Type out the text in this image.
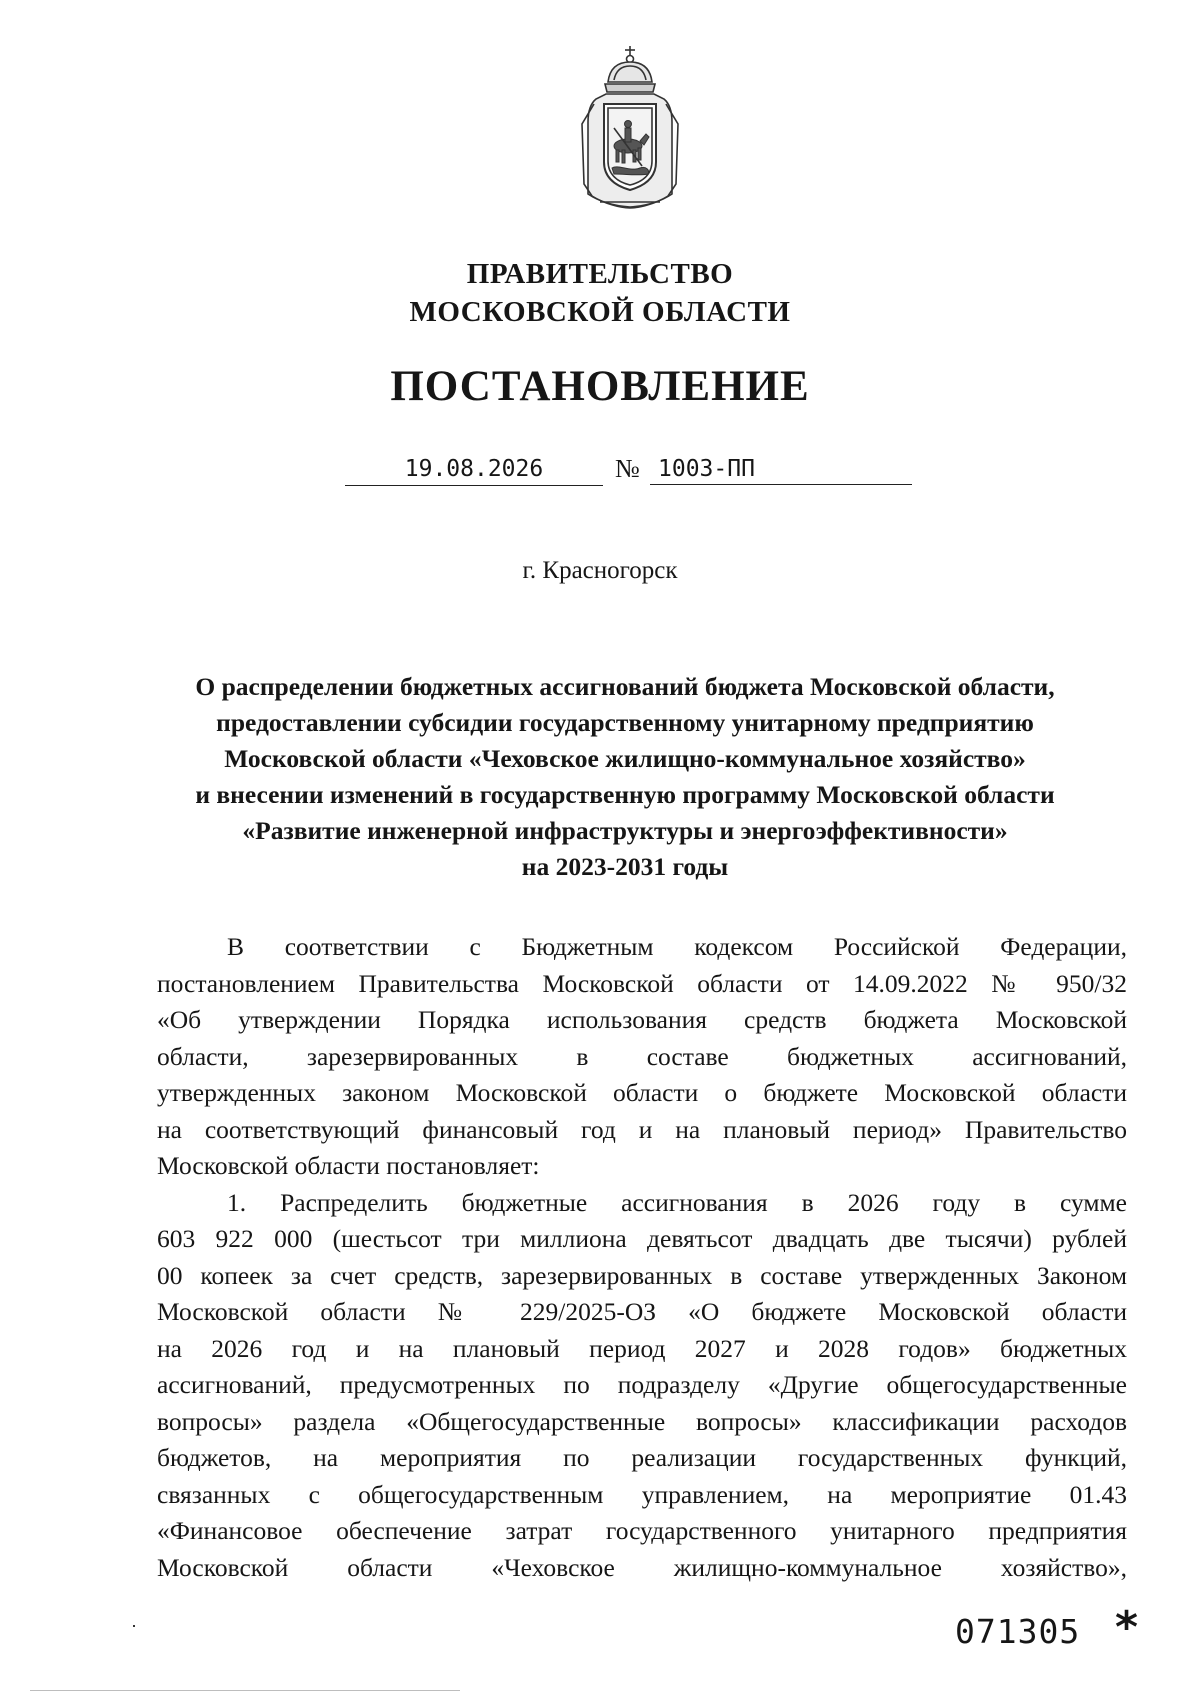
ПРАВИТЕЛЬСТВО
МОСКОВСКОЙ ОБЛАСТИ
ПОСТАНОВЛЕНИЕ
19.08.2026	№ 1003-ПП
г. Красногорск
О распределении бюджетных ассигнований бюджета Московской области,
предоставлении субсидии государственному унитарному предприятию
Московской области «Чеховское жилищно-коммунальное хозяйство»
и внесении изменений в государственную программу Московской области
«Развитие инженерной инфраструктуры и энергоэффективности»
на 2023-2031 годы
В соответствии с Бюджетным кодексом Российской Федерации,
постановлением Правительства Московской области от 14.09.2022 № 950/32
«Об утверждении Порядка использования средств бюджета Московской
области, зарезервированных в составе бюджетных ассигнований,
утвержденных законом Московской области о бюджете Московской области
на соответствующий финансовый год и на плановый период» Правительство
Московской области постановляет:
1. Распределить бюджетные ассигнования в 2026 году в сумме
603 922 000 (шестьсот три миллиона девятьсот двадцать две тысячи) рублей
00 копеек за счет средств, зарезервированных в составе утвержденных Законом
Московской области № 229/2025-ОЗ «О бюджете Московской области
на 2026 год и на плановый период 2027 и 2028 годов» бюджетных
ассигнований, предусмотренных по подразделу «Другие общегосударственные
вопросы» раздела «Общегосударственные вопросы» классификации расходов
бюджетов, на мероприятия по реализации государственных функций,
связанных с общегосударственным управлением, на мероприятие 01.43
«Финансовое обеспечение затрат государственного унитарного предприятия
Московской области «Чеховское жилищно-коммунальное хозяйство»,
071305 *
